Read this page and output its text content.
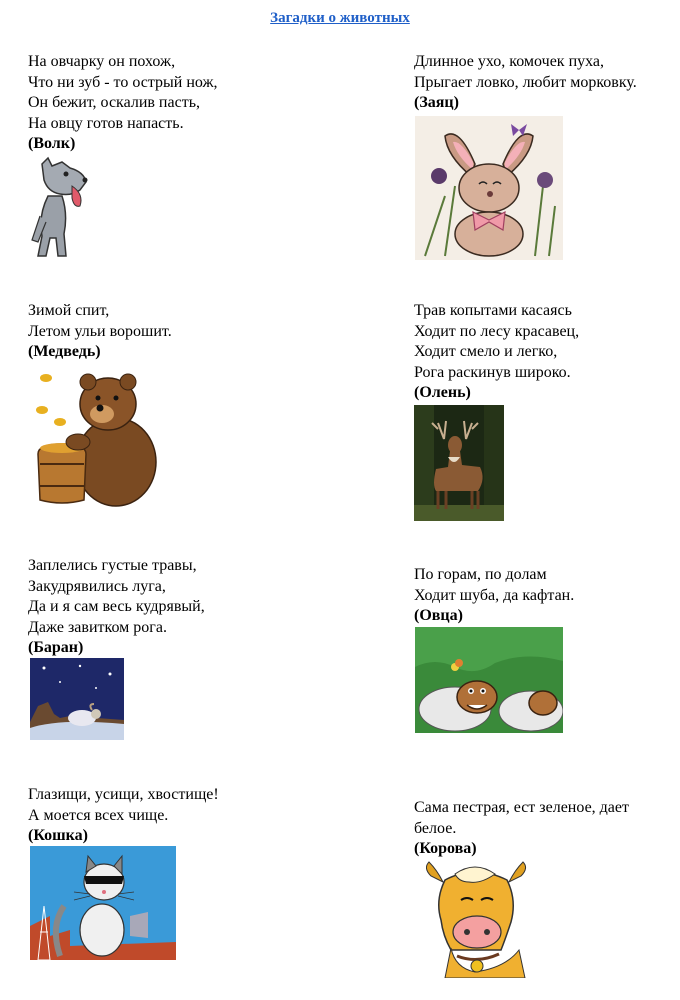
Загадки о животных
На овчарку он похож,
Что ни зуб - то острый нож,
Он бежит, оскалив пасть,
На овцу готов напасть.
(Волк)
Длинное ухо, комочек пуха,
Прыгает ловко, любит морковку.
(Заяц)
Зимой спит,
Летом ульи ворошит.
(Медведь)
Трав копытами касаясь
Ходит по лесу красавец,
Ходит смело и легко,
Рога раскинув широко.
(Олень)
Заплелись густые травы,
Закудрявились луга,
Да и я сам весь кудрявый,
Даже завитком рога.
(Баран)
По горам, по долам
Ходит шуба, да кафтан.
(Овца)
Глазищи, усищи, хвостище!
А моется всех чище.
(Кошка)
Сама пестрая, ест зеленое, дает
белое.
(Корова)
